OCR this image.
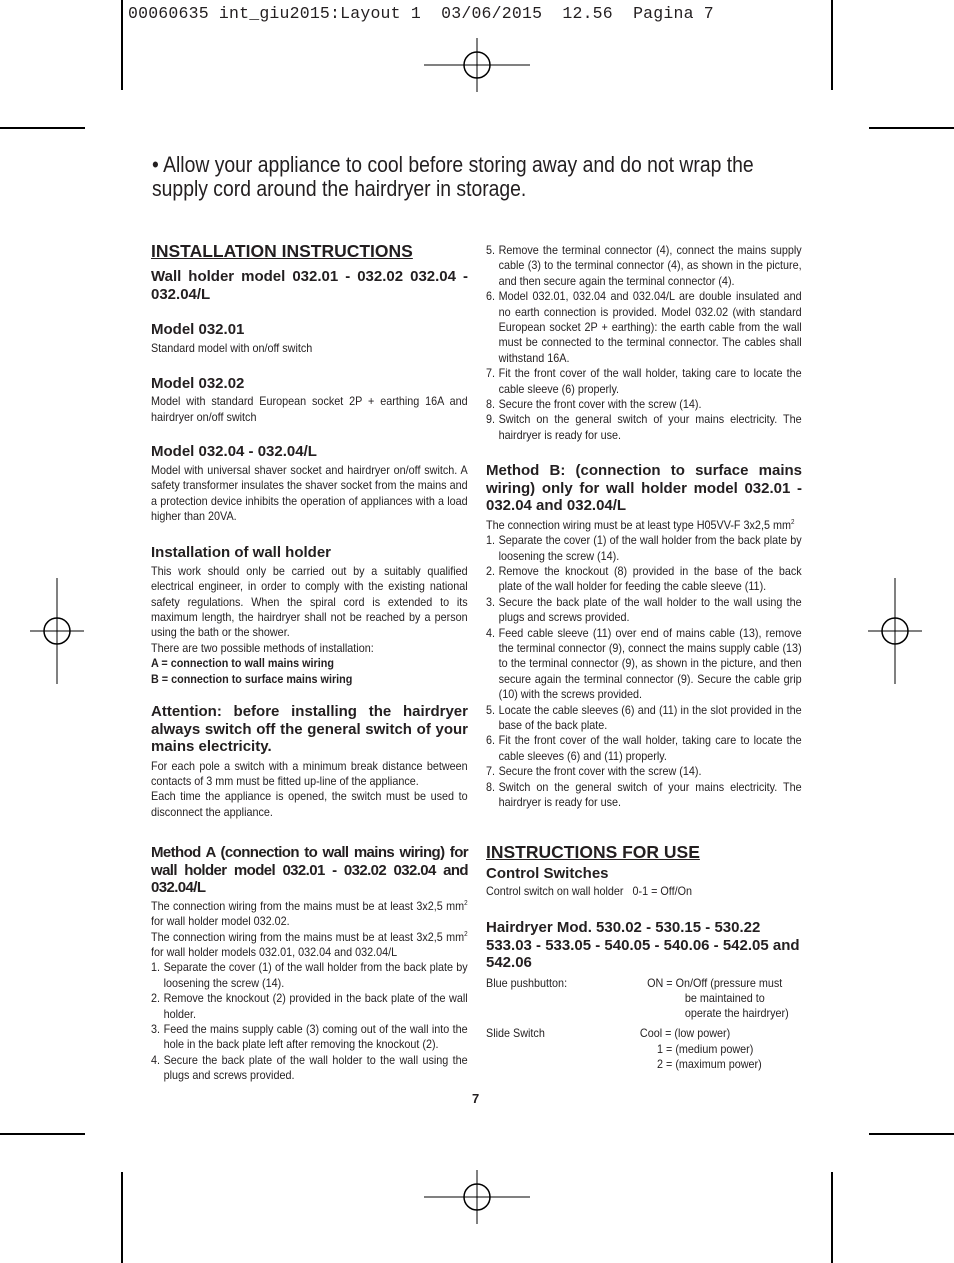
00060635 int_giu2015:Layout 1  03/06/2015  12.56  Pagina 7
• Allow your appliance to cool before storing away and do not wrap the supply cord around the hairdryer in storage.
INSTALLATION INSTRUCTIONS
Wall holder model 032.01 - 032.02 032.04 - 032.04/L
Model 032.01
Standard model with on/off switch
Model 032.02
Model with standard European socket 2P + earthing 16A and hairdryer on/off switch
Model 032.04 - 032.04/L
Model with universal shaver socket and hairdryer on/off switch. A safety transformer insulates the shaver socket from the mains and a protection device inhibits the operation of appliances with a load higher than 20VA.
Installation of wall holder
This work should only be carried out by a suitably qualified electrical engineer, in order to comply with the existing national safety regulations. When the spiral cord is extended to its maximum length, the hairdryer shall not be reached by a person using the bath or the shower.
There are two possible methods of installation:
A = connection to wall mains wiring
B = connection to surface mains wiring
Attention: before installing the hairdryer always switch off the general switch of your mains electricity.
For each pole a switch with a minimum break distance between contacts of 3 mm must be fitted up-line of the appliance.
Each time the appliance is opened, the switch must be used to disconnect the appliance.
Method A (connection to wall mains wiring) for wall holder model 032.01 - 032.02 032.04 and 032.04/L
The connection wiring from the mains must be at least 3x2,5 $mm^2$ for wall holder model 032.02.
The connection wiring from the mains must be at least 3x2,5 $mm^2$ for wall holder models 032.01, 032.04 and 032.04/L
1. Separate the cover (1) of the wall holder from the back plate by loosening the screw (14).
2. Remove the knockout (2) provided in the back plate of the wall holder.
3. Feed the mains supply cable (3) coming out of the wall into the hole in the back plate left after removing the knockout (2).
4. Secure the back plate of the wall holder to the wall using the plugs and screws provided.
5. Remove the terminal connector (4), connect the mains supply cable (3) to the terminal connector (4), as shown in the picture, and then secure again the terminal connector (4).
6. Model 032.01, 032.04 and 032.04/L are double insulated and no earth connection is provided. Model 032.02 (with standard European socket 2P + earthing): the earth cable from the wall must be connected to the terminal connector. The cables shall withstand 16A.
7. Fit the front cover of the wall holder, taking care to locate the cable sleeve (6) properly.
8. Secure the front cover with the screw (14).
9. Switch on the general switch of your mains electricity. The hairdryer is ready for use.
Method B: (connection to surface mains wiring) only for wall holder model 032.01 - 032.04 and 032.04/L
The connection wiring must be at least type H05VV-F 3x2,5 $mm^2$
1. Separate the cover (1) of the wall holder from the back plate by loosening the screw (14).
2. Remove the knockout (8) provided in the base of the back plate of the wall holder for feeding the cable sleeve (11).
3. Secure the back plate of the wall holder to the wall using the plugs and screws provided.
4. Feed cable sleeve (11) over end of mains cable (13), remove the terminal connector (9), connect the mains supply cable (13) to the terminal connector (9), as shown in the picture, and then secure again the terminal connector (9). Secure the cable grip (10) with the screws provided.
5. Locate the cable sleeves (6) and (11) in the slot provided in the base of the back plate.
6. Fit the front cover of the wall holder, taking care to locate the cable sleeves (6) and (11) properly.
7. Secure the front cover with the screw (14).
8. Switch on the general switch of your mains electricity. The hairdryer is ready for use.
INSTRUCTIONS FOR USE
Control Switches
Control switch on wall holder   0-1 = Off/On
Hairdryer Mod. 530.02 - 530.15 - 530.22 533.03 - 533.05 - 540.05 - 540.06 - 542.05 and 542.06
Blue pushbutton:	ON = On/Off (pressure must
be maintained to
operate the hairdryer)
Slide Switch	Cool = (low power)
1 = (medium power)
2 = (maximum power)
7
